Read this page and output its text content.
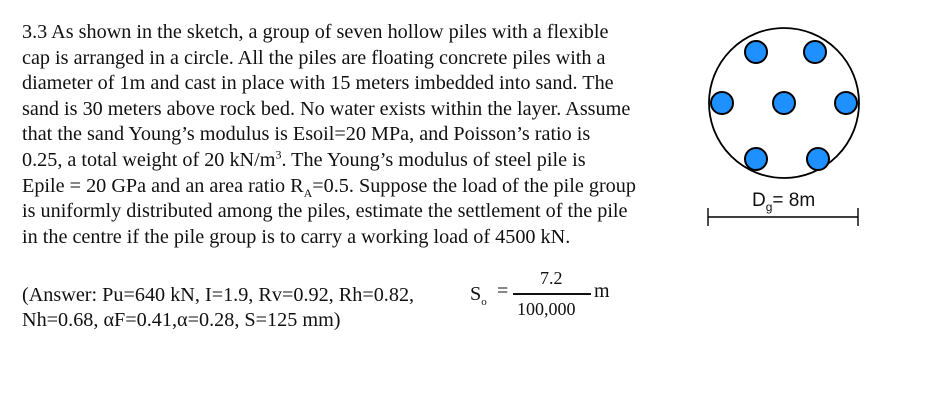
3.3 As shown in the sketch, a group of seven hollow piles with a flexible
cap is arranged in a circle. All the piles are floating concrete piles with a
diameter of 1m and cast in place with 15 meters imbedded into sand. The
sand is 30 meters above rock bed. No water exists within the layer. Assume
that the sand Young’s modulus is Esoil=20 MPa, and Poisson’s ratio is
0.25, a total weight of 20 $kN/m^3$. The Young’s modulus of steel pile is
Epile = 20 GPa and an area ratio $R_A=0.5$. Suppose the load of the pile group
is uniformly distributed among the piles, estimate the settlement of the pile
in the centre if the pile group is to carry a working load of 4500 kN.
(Answer: Pu=640 kN, I=1.9, Rv=0.92, Rh=0.82,
Nh=0.68, αF=0.41,α=0.28, S=125 mm)
$S_o$
=
7.2
100,000
m
$D_g= 8m$
